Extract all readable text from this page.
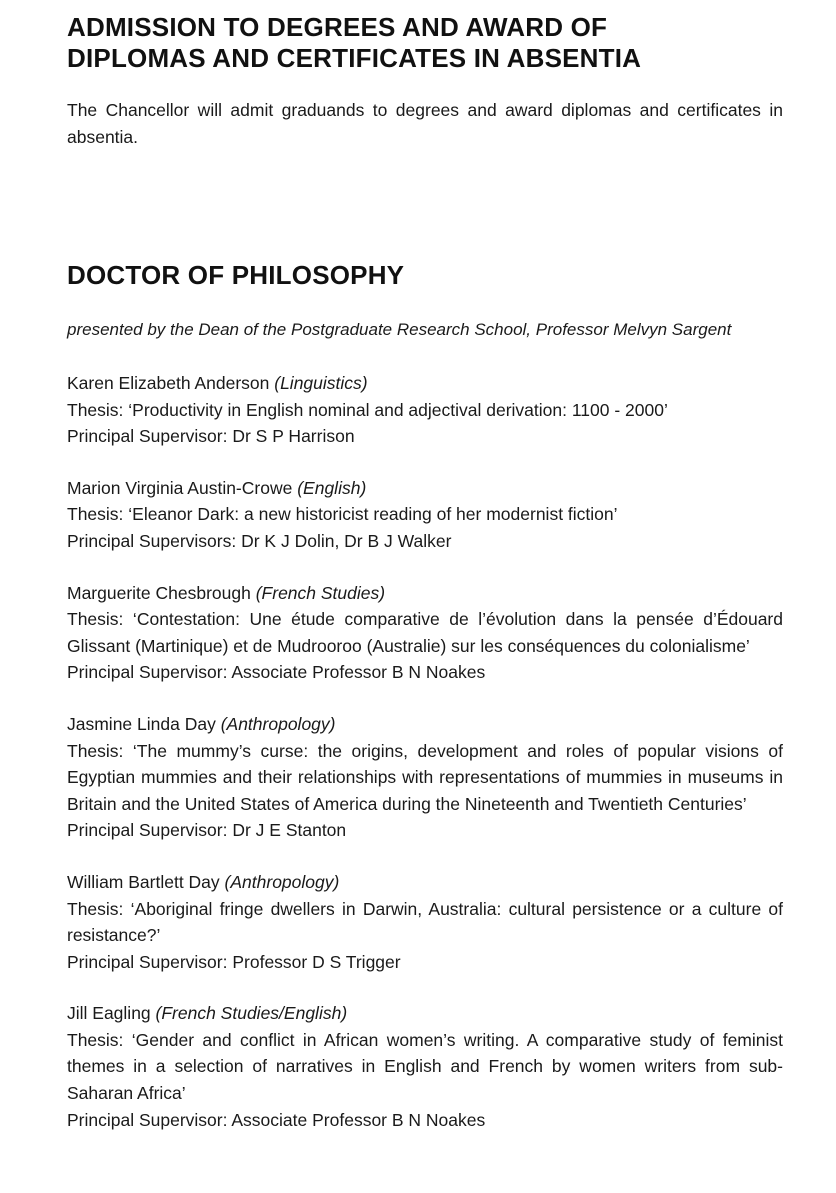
ADMISSION TO DEGREES AND AWARD OF
DIPLOMAS AND CERTIFICATES IN ABSENTIA

The Chancellor will admit graduands to degrees and award diplomas and certificates in absentia.

DOCTOR OF PHILOSOPHY

presented by the Dean of the Postgraduate Research School, Professor Melvyn Sargent

Karen Elizabeth Anderson (Linguistics)

Thesis: ‘Productivity in English nominal and adjectival derivation: 1100 - 2000’

Principal Supervisor: Dr S P Harrison

Marion Virginia Austin-Crowe (English)

Thesis: ‘Eleanor Dark: a new historicist reading of her modernist fiction’

Principal Supervisors: Dr K J Dolin, Dr B J Walker

Marguerite Chesbrough (French Studies)

Thesis: ‘Contestation: Une étude comparative de l’évolution dans la pensée d’Édouard Glissant (Martinique) et de Mudrooroo (Australie) sur les conséquences du colonialisme’

Principal Supervisor: Associate Professor B N Noakes

Jasmine Linda Day (Anthropology)

Thesis: ‘The mummy’s curse: the origins, development and roles of popular visions of Egyptian mummies and their relationships with representations of mummies in museums in Britain and the United States of America during the Nineteenth and Twentieth Centuries’

Principal Supervisor: Dr J E Stanton

William Bartlett Day (Anthropology)

Thesis: ‘Aboriginal fringe dwellers in Darwin, Australia: cultural persistence or a culture of resistance?’

Principal Supervisor: Professor D S Trigger

Jill Eagling (French Studies/English)

Thesis: ‘Gender and conflict in African women’s writing. A comparative study of feminist themes in a selection of narratives in English and French by women writers from sub-Saharan Africa’

Principal Supervisor: Associate Professor B N Noakes
